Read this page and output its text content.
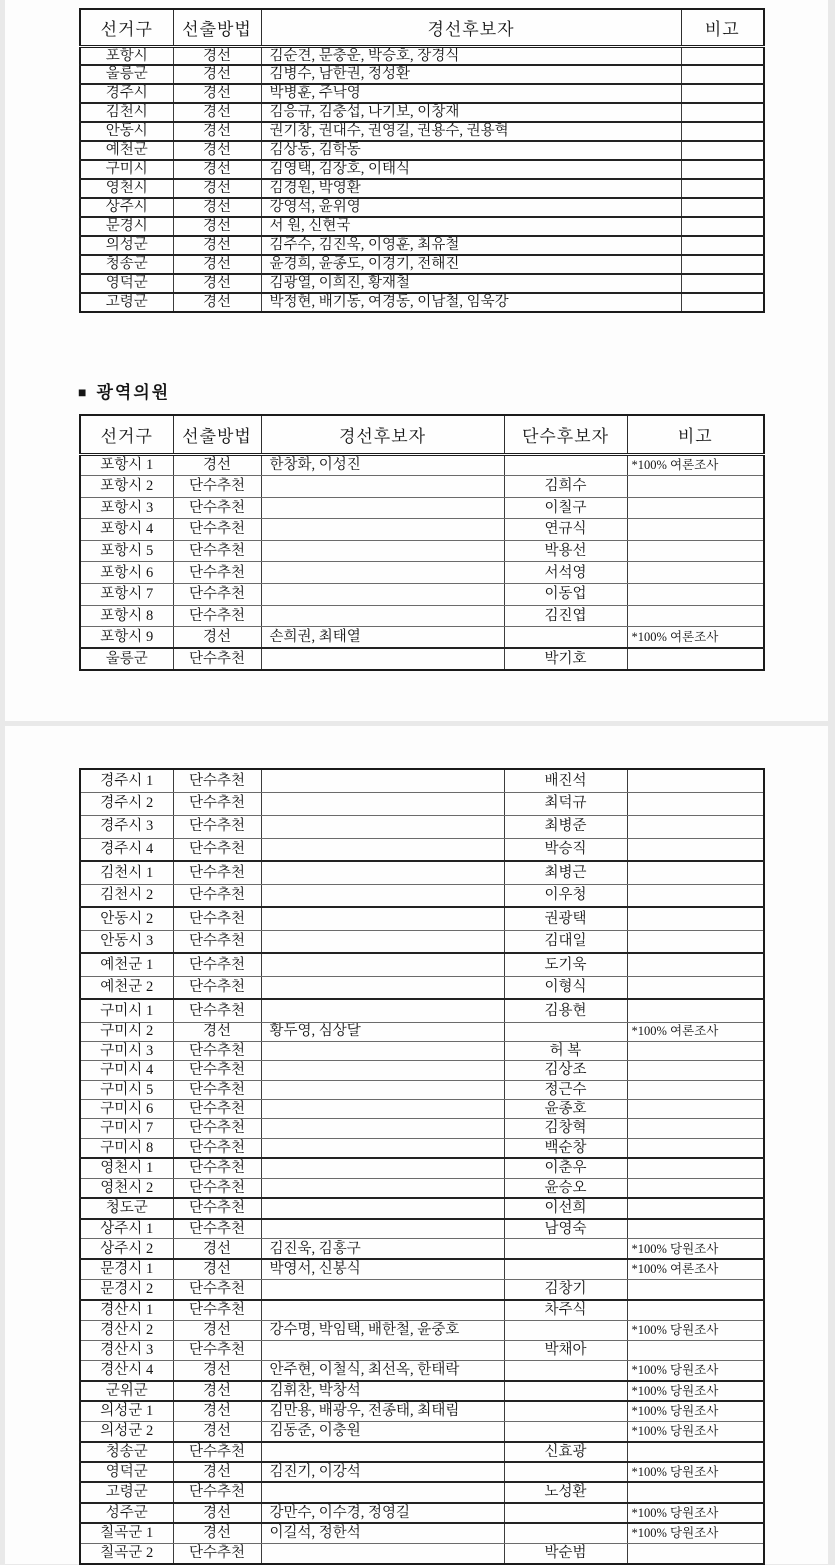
선거구	선출방법	경선후보자	비고
포항시	경선	김순견, 문충운, 박승호, 장경식	
울릉군	경선	김병수, 남한권, 정성환	
경주시	경선	박병훈, 주낙영	
김천시	경선	김응규, 김충섭, 나기보, 이창재	
안동시	경선	권기창, 권대수, 권영길, 권용수, 권용혁	
예천군	경선	김상동, 김학동	
구미시	경선	김영택, 김장호, 이태식	
영천시	경선	김경원, 박영환	
상주시	경선	강영석, 윤위영	
문경시	경선	서 원, 신현국	
의성군	경선	김주수, 김진욱, 이영훈, 최유철	
청송군	경선	윤경희, 윤종도, 이경기, 전해진	
영덕군	경선	김광열, 이희진, 황재철	
고령군	경선	박정현, 배기동, 여경동, 이남철, 임욱강	
■ 광역의원
선거구	선출방법	경선후보자	단수후보자	비고
포항시 1	경선	한창화, 이성진		*100% 여론조사
포항시 2	단수추천		김희수	
포항시 3	단수추천		이칠구	
포항시 4	단수추천		연규식	
포항시 5	단수추천		박용선	
포항시 6	단수추천		서석영	
포항시 7	단수추천		이동업	
포항시 8	단수추천		김진엽	
포항시 9	경선	손희권, 최태열		*100% 여론조사
울릉군	단수추천		박기호	
경주시 1	단수추천		배진석	
경주시 2	단수추천		최덕규	
경주시 3	단수추천		최병준	
경주시 4	단수추천		박승직	
김천시 1	단수추천		최병근	
김천시 2	단수추천		이우청	
안동시 2	단수추천		권광택	
안동시 3	단수추천		김대일	
예천군 1	단수추천		도기욱	
예천군 2	단수추천		이형식	
구미시 1	단수추천		김용현	
구미시 2	경선	황두영, 심상달		*100% 여론조사
구미시 3	단수추천		허 복	
구미시 4	단수추천		김상조	
구미시 5	단수추천		정근수	
구미시 6	단수추천		윤종호	
구미시 7	단수추천		김창혁	
구미시 8	단수추천		백순창	
영천시 1	단수추천		이춘우	
영천시 2	단수추천		윤승오	
청도군	단수추천		이선희	
상주시 1	단수추천		남영숙	
상주시 2	경선	김진욱, 김홍구		*100% 당원조사
문경시 1	경선	박영서, 신봉식		*100% 여론조사
문경시 2	단수추천		김창기	
경산시 1	단수추천		차주식	
경산시 2	경선	강수명, 박임택, 배한철, 윤중호		*100% 당원조사
경산시 3	단수추천		박채아	
경산시 4	경선	안주현, 이철식, 최선옥, 한태락		*100% 당원조사
군위군	경선	김휘찬, 박창석		*100% 당원조사
의성군 1	경선	김만용, 배광우, 전종태, 최태림		*100% 당원조사
의성군 2	경선	김동준, 이충원		*100% 당원조사
청송군	단수추천		신효광	
영덕군	경선	김진기, 이강석		*100% 당원조사
고령군	단수추천		노성환	
성주군	경선	강만수, 이수경, 정영길		*100% 당원조사
칠곡군 1	경선	이길석, 정한석		*100% 당원조사
칠곡군 2	단수추천		박순범	
